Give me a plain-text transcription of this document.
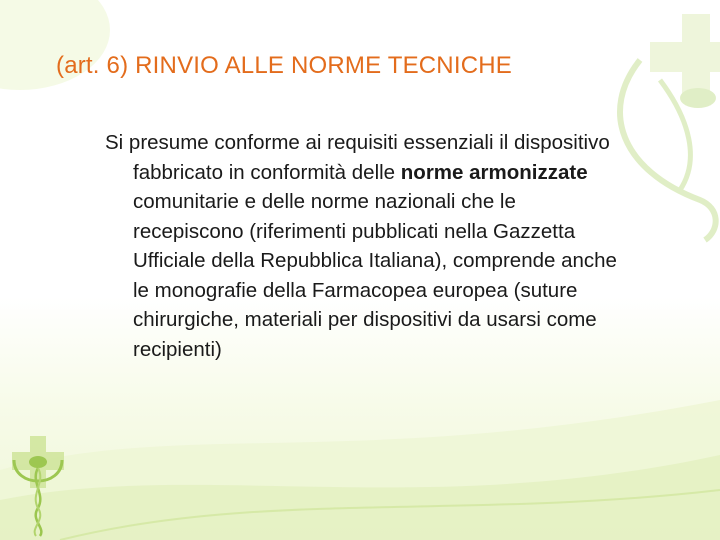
(art. 6) RINVIO ALLE NORME TECNICHE

Si presume conforme ai requisiti essenziali il dispositivo fabbricato in conformità delle norme armonizzate comunitarie e delle norme nazionali che le recepiscono (riferimenti pubblicati nella Gazzetta Ufficiale della Repubblica Italiana), comprende anche le monografie della Farmacopea europea (suture chirurgiche, materiali per dispositivi da usarsi come recipienti)
